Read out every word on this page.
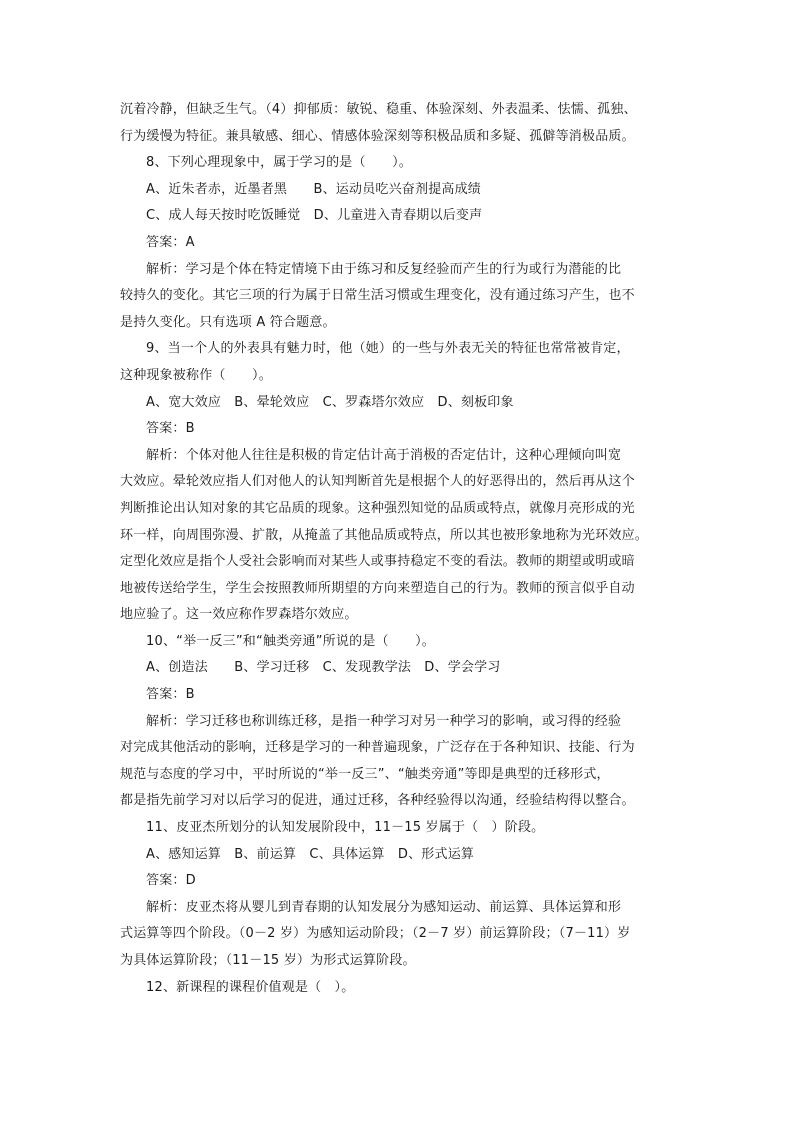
沉着冷静，但缺乏生气。（4）抑郁质：敏锐、稳重、体验深刻、外表温柔、怯懦、孤独、
行为缓慢为特征。兼具敏感、细心、情感体验深刻等积极品质和多疑、孤僻等消极品质。
8、下列心理现象中，属于学习的是（　　）。
A、近朱者赤，近墨者黑　　B、运动员吃兴奋剂提高成绩
C、成人每天按时吃饭睡觉　D、儿童进入青春期以后变声
答案：A
解析：学习是个体在特定情境下由于练习和反复经验而产生的行为或行为潜能的比
较持久的变化。其它三项的行为属于日常生活习惯或生理变化，没有通过练习产生，也不
是持久变化。只有选项 A 符合题意。
9、当一个人的外表具有魅力时，他（她）的一些与外表无关的特征也常常被肯定，
这种现象被称作（　　）。
A、宽大效应　B、晕轮效应　C、罗森塔尔效应　D、刻板印象
答案：B
解析：个体对他人往往是积极的肯定估计高于消极的否定估计，这种心理倾向叫宽
大效应。晕轮效应指人们对他人的认知判断首先是根据个人的好恶得出的，然后再从这个
判断推论出认知对象的其它品质的现象。这种强烈知觉的品质或特点，就像月亮形成的光
环一样，向周围弥漫、扩散，从掩盖了其他品质或特点，所以其也被形象地称为光环效应。
定型化效应是指个人受社会影响而对某些人或事持稳定不变的看法。教师的期望或明或暗
地被传送给学生，学生会按照教师所期望的方向来塑造自己的行为。教师的预言似乎自动
地应验了。这一效应称作罗森塔尔效应。
10、“举一反三”和“触类旁通”所说的是（　　）。
A、创造法　　B、学习迁移　C、发现教学法　D、学会学习
答案：B
解析：学习迁移也称训练迁移，是指一种学习对另一种学习的影响，或习得的经验
对完成其他活动的影响，迁移是学习的一种普遍现象，广泛存在于各种知识、技能、行为
规范与态度的学习中，平时所说的“举一反三”、“触类旁通”等即是典型的迁移形式，
都是指先前学习对以后学习的促进，通过迁移，各种经验得以沟通，经验结构得以整合。
11、皮亚杰所划分的认知发展阶段中，11－15 岁属于（　）阶段。
A、感知运算　B、前运算　C、具体运算　D、形式运算
答案：D
解析：皮亚杰将从婴儿到青春期的认知发展分为感知运动、前运算、具体运算和形
式运算等四个阶段。（0－2 岁）为感知运动阶段；（2－7 岁）前运算阶段；（7－11）岁
为具体运算阶段；（11－15 岁）为形式运算阶段。
12、新课程的课程价值观是（　）。
